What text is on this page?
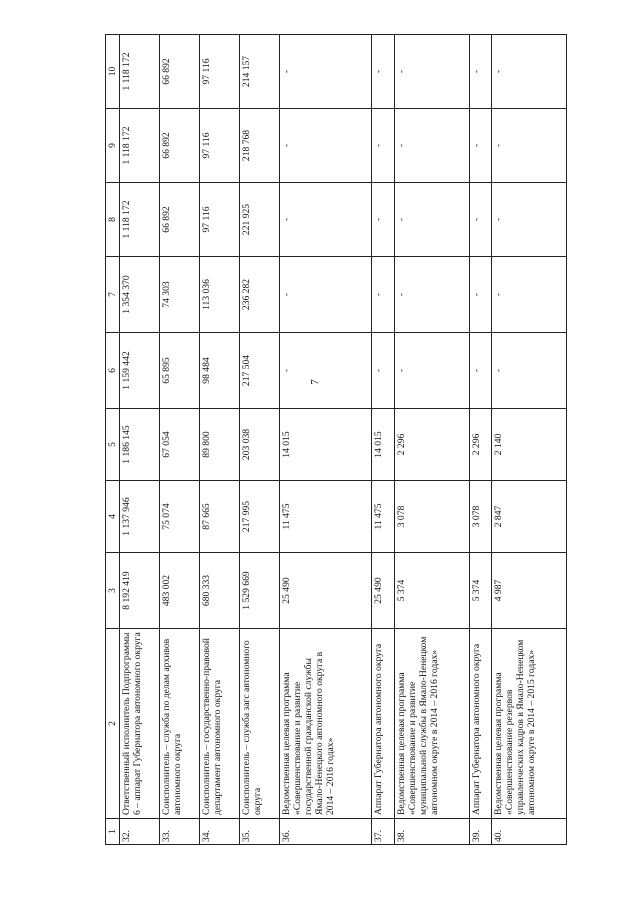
7
1	2	3	4	5	6	7	8	9	10
32.	Ответственный исполнитель Подпрограммы 6 – аппарат Губернатора автономного округа	8 192 419	1 137 946	1 186 145	1 159 442	1 354 370	1 118 172	1 118 172	1 118 172
33.	Соисполнитель – служба по делам архивов автономного округа	483 002	75 074	67 054	65 895	74 303	66 892	66 892	66 892
34.	Соисполнитель – государственно-правовой департамент автономного округа	680 333	87 665	89 800	98 484	113 036	97 116	97 116	97 116
35.	Соисполнитель – служба загс автономного округа	1 529 669	217 995	203 038	217 504	236 282	221 925	218 768	214 157
36.	Ведомственная целевая программа «Совершенствование и развитие государственной гражданской службы Ямало-Ненецкого автономного округа в 2014 – 2016 годах»	25 490	11 475	14 015	-	-	-	-	-
37.	Аппарат Губернатора автономного округа	25 490	11 475	14 015	-	-	-	-	-
38.	Ведомственная целевая программа «Совершенствование и развитие муниципальной службы в Ямало-Ненецком автономном округе в 2014 – 2016 годах»	5 374	3 078	2 296	-	-	-	-	-
39.	Аппарат Губернатора автономного округа	5 374	3 078	2 296	-	-	-	-	-
40.	Ведомственная целевая программа «Совершенствование резервов управленческих кадров в Ямало-Ненецком автономном округе в 2014 – 2015 годах»	4 987	2 847	2 140	-	-	-	-	-
